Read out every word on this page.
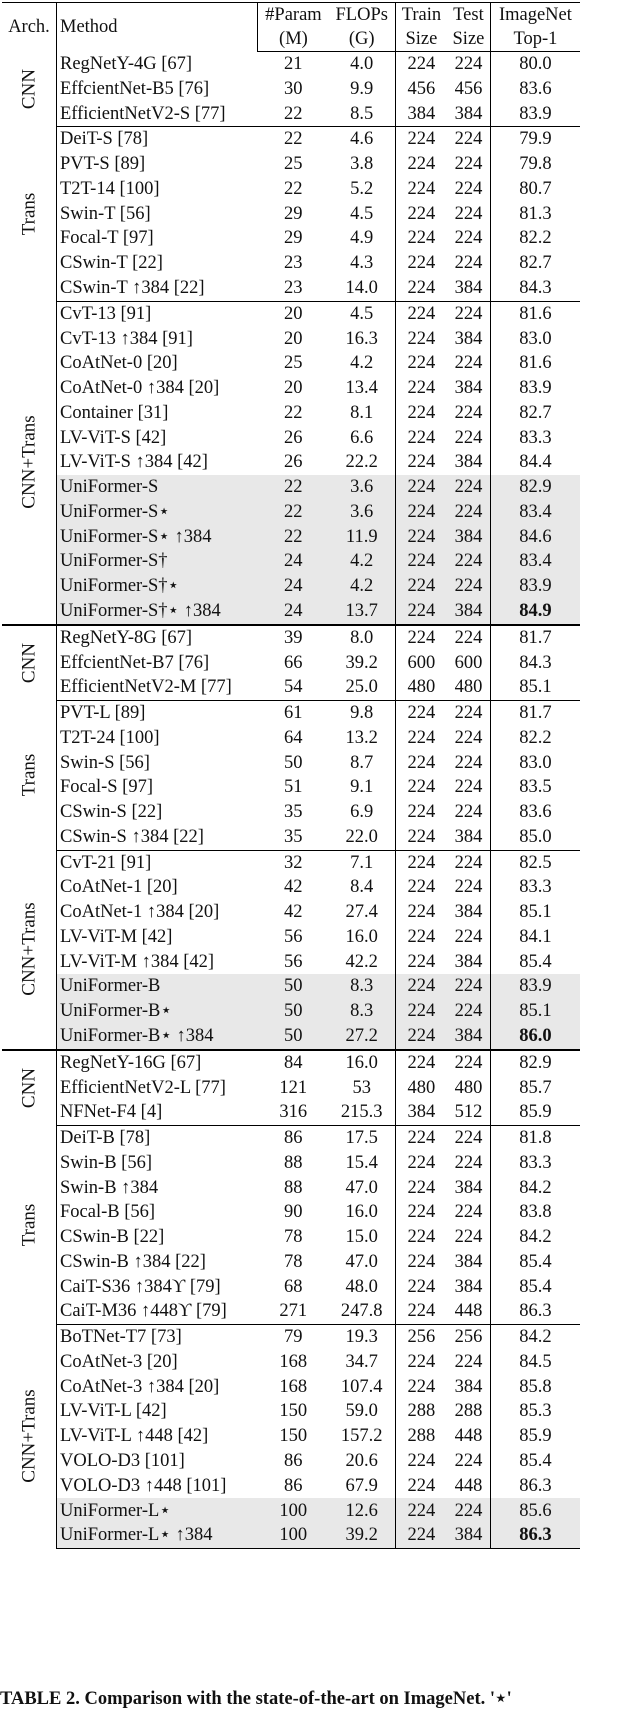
Arch.	Method	#Param	FLOPs	Train	Test	ImageNet
		(M)	(G)	Size	Size	Top-1

CNN	RegNetY-4G [67]	21	4.0	224	224	80.0
	EffcientNet-B5 [76]	30	9.9	456	456	83.6
	EfficientNetV2-S [77]	22	8.5	384	384	83.9

Trans	DeiT-S [78]	22	4.6	224	224	79.9
	PVT-S [89]	25	3.8	224	224	79.8
	T2T-14 [100]	22	5.2	224	224	80.7
	Swin-T [56]	29	4.5	224	224	81.3
	Focal-T [97]	29	4.9	224	224	82.2
	CSwin-T [22]	23	4.3	224	224	82.7
	CSwin-T ↑384 [22]	23	14.0	224	384	84.3

CNN+Trans	CvT-13 [91]	20	4.5	224	224	81.6
	CvT-13 ↑384 [91]	20	16.3	224	384	83.0
	CoAtNet-0 [20]	25	4.2	224	224	81.6
	CoAtNet-0 ↑384 [20]	20	13.4	224	384	83.9
	Container [31]	22	8.1	224	224	82.7
	LV-ViT-S [42]	26	6.6	224	224	83.3
	LV-ViT-S ↑384 [42]	26	22.2	224	384	84.4
	UniFormer-S	22	3.6	224	224	82.9
	UniFormer-S⋆	22	3.6	224	224	83.4
	UniFormer-S⋆ ↑384	22	11.9	224	384	84.6
	UniFormer-S†	24	4.2	224	224	83.4
	UniFormer-S†⋆	24	4.2	224	224	83.9
	UniFormer-S†⋆ ↑384	24	13.7	224	384	84.9

CNN	RegNetY-8G [67]	39	8.0	224	224	81.7
	EffcientNet-B7 [76]	66	39.2	600	600	84.3
	EfficientNetV2-M [77]	54	25.0	480	480	85.1

Trans	PVT-L [89]	61	9.8	224	224	81.7
	T2T-24 [100]	64	13.2	224	224	82.2
	Swin-S [56]	50	8.7	224	224	83.0
	Focal-S [97]	51	9.1	224	224	83.5
	CSwin-S [22]	35	6.9	224	224	83.6
	CSwin-S ↑384 [22]	35	22.0	224	384	85.0

CNN+Trans	CvT-21 [91]	32	7.1	224	224	82.5
	CoAtNet-1 [20]	42	8.4	224	224	83.3
	CoAtNet-1 ↑384 [20]	42	27.4	224	384	85.1
	LV-ViT-M [42]	56	16.0	224	224	84.1
	LV-ViT-M ↑384 [42]	56	42.2	224	384	85.4
	UniFormer-B	50	8.3	224	224	83.9
	UniFormer-B⋆	50	8.3	224	224	85.1
	UniFormer-B⋆ ↑384	50	27.2	224	384	86.0

CNN	RegNetY-16G [67]	84	16.0	224	224	82.9
	EfficientNetV2-L [77]	121	53	480	480	85.7
	NFNet-F4 [4]	316	215.3	384	512	85.9

Trans	DeiT-B [78]	86	17.5	224	224	81.8
	Swin-B [56]	88	15.4	224	224	83.3
	Swin-B ↑384	88	47.0	224	384	84.2
	Focal-B [56]	90	16.0	224	224	83.8
	CSwin-B [22]	78	15.0	224	224	84.2
	CSwin-B ↑384 [22]	78	47.0	224	384	85.4
	CaiT-S36 ↑384ϒ [79]	68	48.0	224	384	85.4
	CaiT-M36 ↑448ϒ [79]	271	247.8	224	448	86.3

CNN+Trans	BoTNet-T7 [73]	79	19.3	256	256	84.2
	CoAtNet-3 [20]	168	34.7	224	224	84.5
	CoAtNet-3 ↑384 [20]	168	107.4	224	384	85.8
	LV-ViT-L [42]	150	59.0	288	288	85.3
	LV-ViT-L ↑448 [42]	150	157.2	288	448	85.9
	VOLO-D3 [101]	86	20.6	224	224	85.4
	VOLO-D3 ↑448 [101]	86	67.9	224	448	86.3
	UniFormer-L⋆	100	12.6	224	224	85.6
	UniFormer-L⋆ ↑384	100	39.2	224	384	86.3
TABLE 2. Comparison with the state-of-the-art on ImageNet. '⋆'
